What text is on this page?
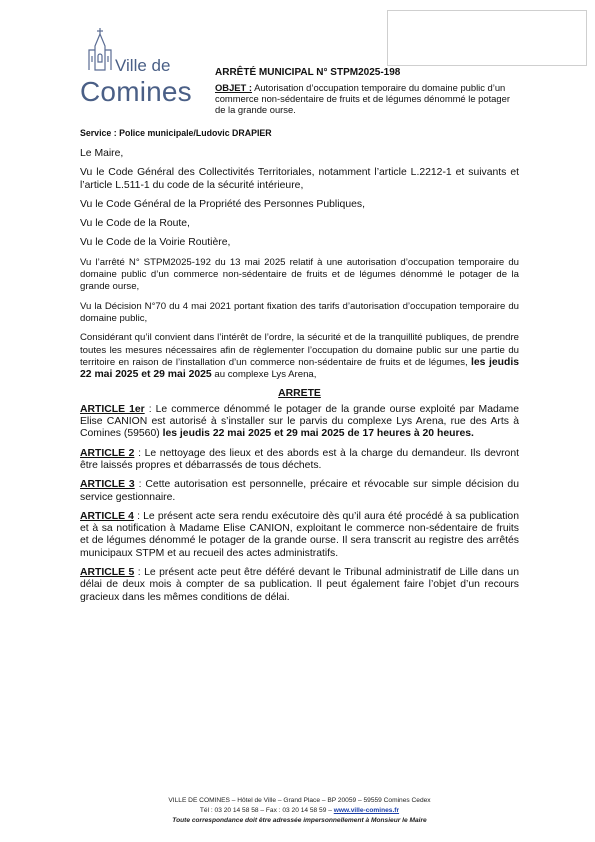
Ville de
Comines
ARRÊTÉ MUNICIPAL N° STPM2025-198
OBJET : Autorisation d’occupation temporaire du domaine public d’un commerce non-sédentaire de fruits et de légumes dénommé le potager de la grande ourse.
Service : Police municipale/Ludovic DRAPIER

Le Maire,

Vu le Code Général des Collectivités Territoriales, notamment l’article L.2212-1 et suivants et l’article L.511-1 du code de la sécurité intérieure,

Vu le Code Général de la Propriété des Personnes Publiques,

Vu le Code de la Route,

Vu le Code de la Voirie Routière,

Vu l’arrêté N° STPM2025-192 du 13 mai 2025 relatif à une autorisation d’occupation temporaire du domaine public d’un commerce non-sédentaire de fruits et de légumes dénommé le potager de la grande ourse,

Vu la Décision N°70 du 4 mai 2021 portant fixation des tarifs d’autorisation d’occupation temporaire du domaine public,

Considérant qu’il convient dans l’intérêt de l’ordre, la sécurité et de la tranquillité publiques, de prendre toutes les mesures nécessaires afin de règlementer l’occupation du domaine public sur une partie du territoire en raison de l’installation d’un commerce non-sédentaire de fruits et de légumes, les jeudis 22 mai 2025 et 29 mai 2025 au complexe Lys Arena,

ARRETE

ARTICLE 1er : Le commerce dénommé le potager de la grande ourse exploité par Madame Elise CANION est autorisé à s’installer sur le parvis du complexe Lys Arena, rue des Arts à Comines (59560) les jeudis 22 mai 2025 et 29 mai 2025 de 17 heures à 20 heures.

ARTICLE 2 : Le nettoyage des lieux et des abords est à la charge du demandeur. Ils devront être laissés propres et débarrassés de tous déchets.

ARTICLE 3 : Cette autorisation est personnelle, précaire et révocable sur simple décision du service gestionnaire.

ARTICLE 4 : Le présent acte sera rendu exécutoire dès qu’il aura été procédé à sa publication et à sa notification à Madame Elise CANION, exploitant le commerce non-sédentaire de fruits et de légumes dénommé le potager de la grande ourse. Il sera transcrit au registre des arrêtés municipaux STPM et au recueil des actes administratifs.

ARTICLE 5 : Le présent acte peut être déféré devant le Tribunal administratif de Lille dans un délai de deux mois à compter de sa publication. Il peut également faire l’objet d’un recours gracieux dans les mêmes conditions de délai.

VILLE DE COMINES – Hôtel de Ville – Grand Place – BP 20059 – 59559 Comines Cedex
Tél : 03 20 14 58 58 – Fax : 03 20 14 58 59 – www.ville-comines.fr
Toute correspondance doit être adressée impersonnellement à Monsieur le Maire
